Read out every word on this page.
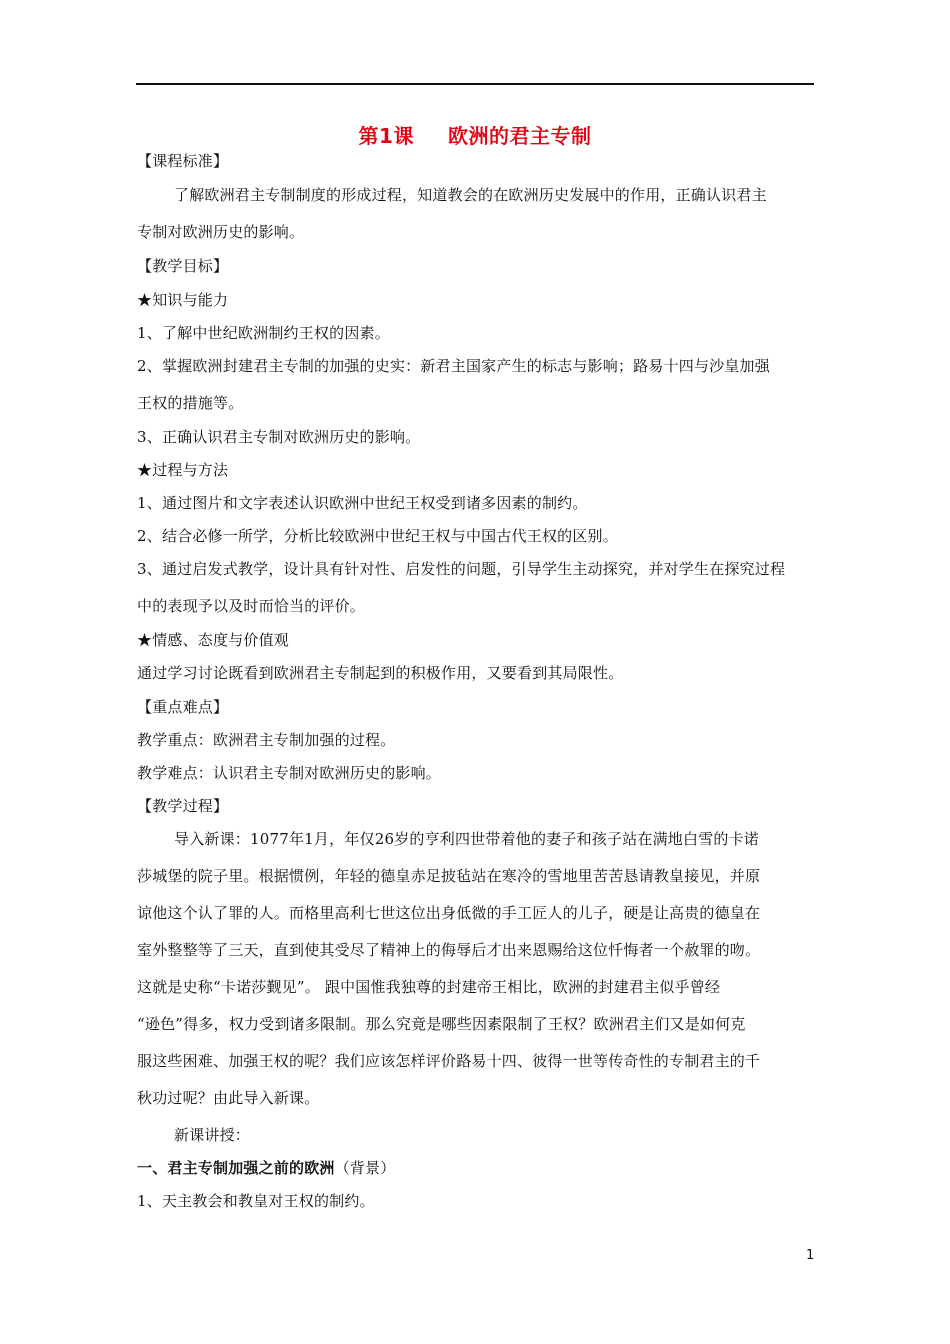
第1课 欧洲的君主专制
【课程标准】
了解欧洲君主专制制度的形成过程，知道教会的在欧洲历史发展中的作用，正确认识君主
专制对欧洲历史的影响。
【教学目标】
★知识与能力
1、了解中世纪欧洲制约王权的因素。
2、掌握欧洲封建君主专制的加强的史实：新君主国家产生的标志与影响；路易十四与沙皇加强
王权的措施等。
3、正确认识君主专制对欧洲历史的影响。
★过程与方法
1、通过图片和文字表述认识欧洲中世纪王权受到诸多因素的制约。
2、结合必修一所学，分析比较欧洲中世纪王权与中国古代王权的区别。
3、通过启发式教学，设计具有针对性、启发性的问题，引导学生主动探究，并对学生在探究过程
中的表现予以及时而恰当的评价。
★情感、态度与价值观
通过学习讨论既看到欧洲君主专制起到的积极作用，又要看到其局限性。
【重点难点】
教学重点：欧洲君主专制加强的过程。
教学难点：认识君主专制对欧洲历史的影响。
【教学过程】
导入新课：1077年1月，年仅26岁的亨利四世带着他的妻子和孩子站在满地白雪的卡诺
莎城堡的院子里。根据惯例，年轻的德皇赤足披毡站在寒冷的雪地里苦苦恳请教皇接见，并原
谅他这个认了罪的人。而格里高利七世这位出身低微的手工匠人的儿子，硬是让高贵的德皇在
室外整整等了三天，直到使其受尽了精神上的侮辱后才出来恩赐给这位忏悔者一个赦罪的吻。
这就是史称“卡诺莎觐见”。 跟中国惟我独尊的封建帝王相比，欧洲的封建君主似乎曾经
“逊色”得多，权力受到诸多限制。那么究竟是哪些因素限制了王权？欧洲君主们又是如何克
服这些困难、加强王权的呢？我们应该怎样评价路易十四、彼得一世等传奇性的专制君主的千
秋功过呢？由此导入新课。
新课讲授：
一、君主专制加强之前的欧洲（背景）
1、天主教会和教皇对王权的制约。
1
